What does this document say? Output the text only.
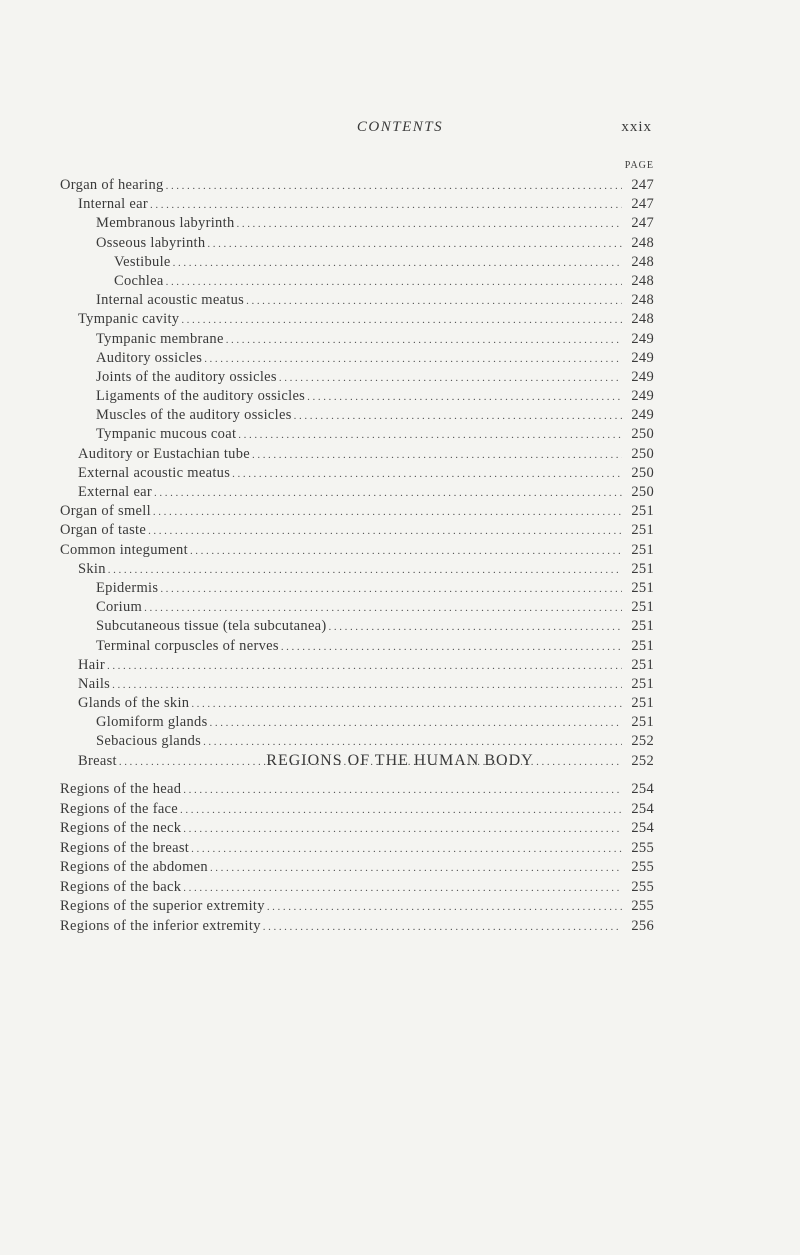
CONTENTS	xxix
PAGE
Organ of hearing .....	247
Internal ear .....	247
Membranous labyrinth .....	247
Osseous labyrinth .....	248
Vestibule .....	248
Cochlea .....	248
Internal acoustic meatus .....	248
Tympanic cavity .....	248
Tympanic membrane .....	249
Auditory ossicles .....	249
Joints of the auditory ossicles .....	249
Ligaments of the auditory ossicles .....	249
Muscles of the auditory ossicles .....	249
Tympanic mucous coat .....	250
Auditory or Eustachian tube .....	250
External acoustic meatus .....	250
External ear .....	250
Organ of smell .....	251
Organ of taste .....	251
Common integument .....	251
Skin .....	251
Epidermis .....	251
Corium .....	251
Subcutaneous tissue (tela subcutanea) .....	251
Terminal corpuscles of nerves .....	251
Hair .....	251
Nails .....	251
Glands of the skin .....	251
Glomiform glands .....	251
Sebacious glands .....	252
Breast .....	252
REGIONS OF THE HUMAN BODY
Regions of the head .....	254
Regions of the face .....	254
Regions of the neck .....	254
Regions of the breast .....	255
Regions of the abdomen .....	255
Regions of the back .....	255
Regions of the superior extremity .....	255
Regions of the inferior extremity .....	256
